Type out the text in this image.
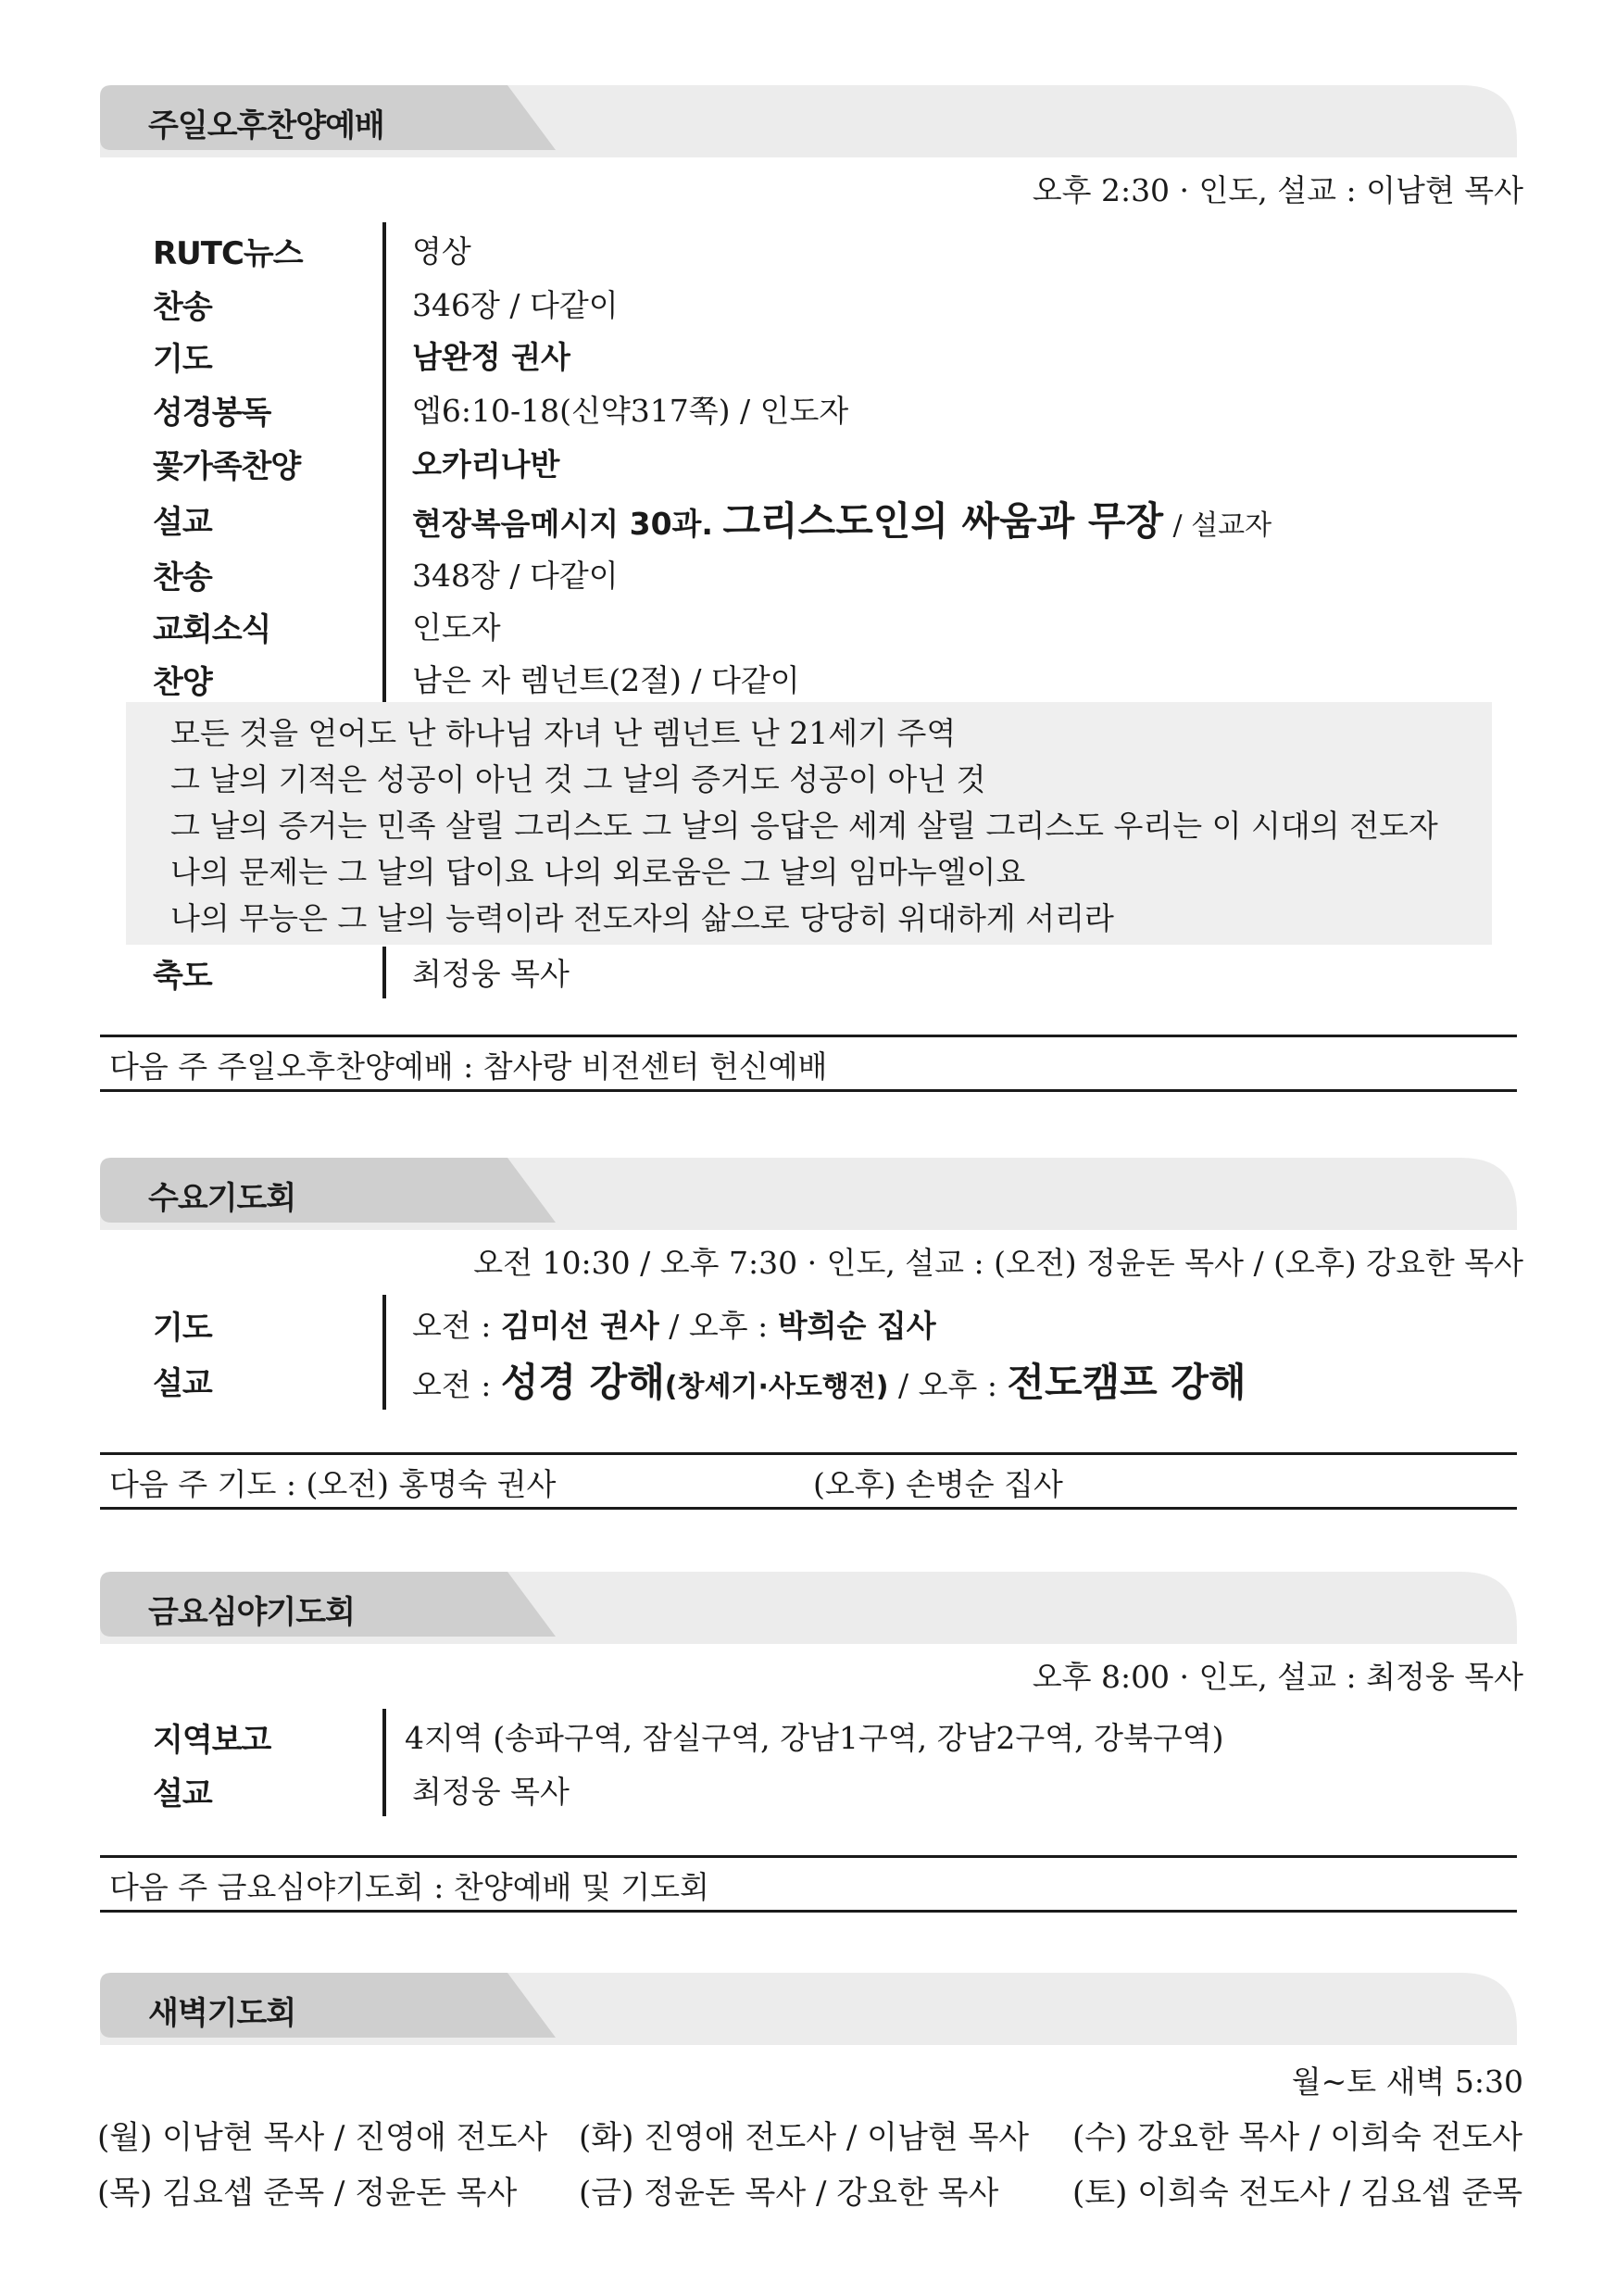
주일오후찬양예배
오후 2:30 · 인도, 설교 : 이남현 목사
RUTC뉴스	영상
찬송	346장 / 다같이
기도	남완정 권사
성경봉독	엡6:10-18(신약317쪽) / 인도자
꽃가족찬양	오카리나반
설교	현장복음메시지 30과. 그리스도인의 싸움과 무장 / 설교자
찬송	348장 / 다같이
교회소식	인도자
찬양	남은 자 렘넌트(2절) / 다같이
모든 것을 얻어도 난 하나님 자녀 난 렘넌트 난 21세기 주역
그 날의 기적은 성공이 아닌 것 그 날의 증거도 성공이 아닌 것
그 날의 증거는 민족 살릴 그리스도 그 날의 응답은 세계 살릴 그리스도 우리는 이 시대의 전도자
나의 문제는 그 날의 답이요 나의 외로움은 그 날의 임마누엘이요
나의 무능은 그 날의 능력이라 전도자의 삶으로 당당히 위대하게 서리라
축도	최정웅 목사
다음 주 주일오후찬양예배 : 참사랑 비전센터 헌신예배
수요기도회
오전 10:30 / 오후 7:30 · 인도, 설교 : (오전) 정윤돈 목사 / (오후) 강요한 목사
기도	오전 : 김미선 권사 / 오후 : 박희순 집사
설교	오전 : 성경 강해(창세기·사도행전) / 오후 : 전도캠프 강해
다음 주 기도 : (오전) 홍명숙 권사	(오후) 손병순 집사
금요심야기도회
오후 8:00 · 인도, 설교 : 최정웅 목사
지역보고	4지역 (송파구역, 잠실구역, 강남1구역, 강남2구역, 강북구역)
설교	최정웅 목사
다음 주 금요심야기도회 : 찬양예배 및 기도회
새벽기도회
월~토 새벽 5:30
(월) 이남현 목사 / 진영애 전도사 (화) 진영애 전도사 / 이남현 목사 (수) 강요한 목사 / 이희숙 전도사
(목) 김요셉 준목 / 정윤돈 목사 (금) 정윤돈 목사 / 강요한 목사 (토) 이희숙 전도사 / 김요셉 준목
